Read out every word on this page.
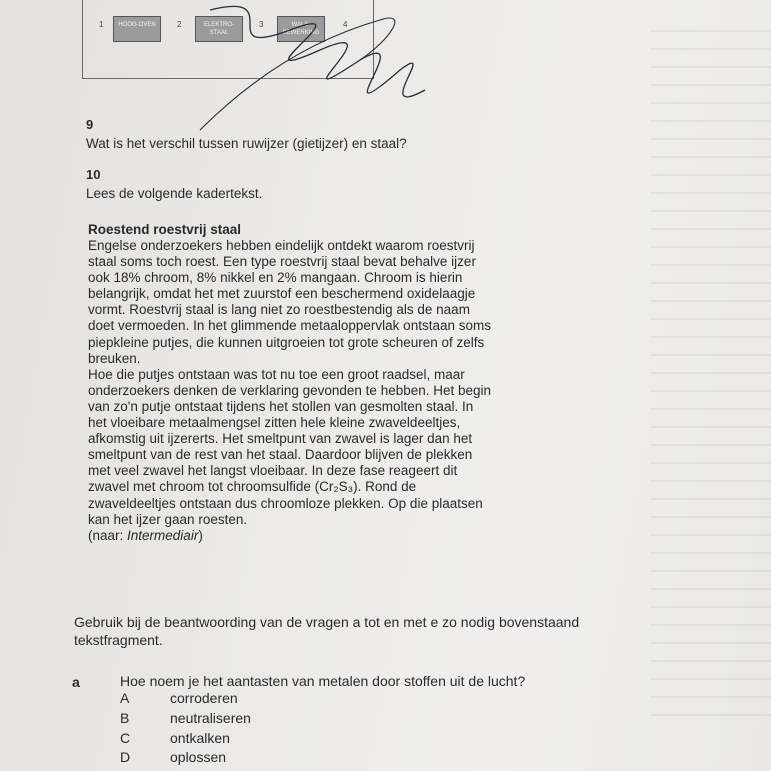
1	HOOG-OVEN	2	ELEKTRO-STAAL
3	WALS-BEWERKING
4
9
Wat is het verschil tussen ruwijzer (gietijzer) en staal?
10
Lees de volgende kadertekst.
Roestend roestvrij staal
Engelse onderzoekers hebben eindelijk ontdekt waarom roestvrij
staal soms toch roest. Een type roestvrij staal bevat behalve ijzer
ook 18% chroom, 8% nikkel en 2% mangaan. Chroom is hierin
belangrijk, omdat het met zuurstof een beschermend oxidelaagje
vormt. Roestvrij staal is lang niet zo roestbestendig als de naam
doet vermoeden. In het glimmende metaaloppervlak ontstaan soms
piepkleine putjes, die kunnen uitgroeien tot grote scheuren of zelfs
breuken.
Hoe die putjes ontstaan was tot nu toe een groot raadsel, maar
onderzoekers denken de verklaring gevonden te hebben. Het begin
van zo'n putje ontstaat tijdens het stollen van gesmolten staal. In
het vloeibare metaalmengsel zitten hele kleine zwaveldeeltjes,
afkomstig uit ijzererts. Het smeltpunt van zwavel is lager dan het
smeltpunt van de rest van het staal. Daardoor blijven de plekken
met veel zwavel het langst vloeibaar. In deze fase reageert dit
zwavel met chroom tot chroomsulfide (Cr₂S₃). Rond de
zwaveldeeltjes ontstaan dus chroomloze plekken. Op die plaatsen
kan het ijzer gaan roesten.
(naar: Intermediair)
Gebruik bij de beantwoording van de vragen a tot en met e zo nodig bovenstaand
tekstfragment.
a	Hoe noem je het aantasten van metalen door stoffen uit de lucht?
A	corroderen
B	neutraliseren
C	ontkalken
D	oplossen
